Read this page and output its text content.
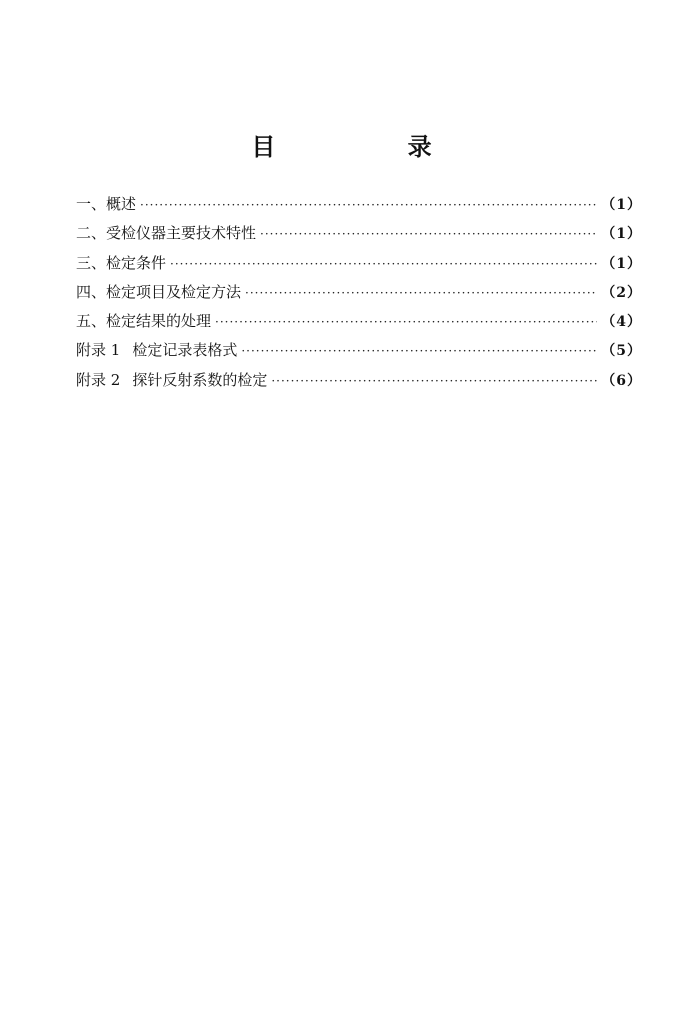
目 录
一、概述 ·····	（1）
二、受检仪器主要技术特性 ·····	（1）
三、检定条件 ·····	（1）
四、检定项目及检定方法 ·····	（2）
五、检定结果的处理 ·····	（4）
附录 1 检定记录表格式 ·····	（5）
附录 2 探针反射系数的检定 ·····	（6）
